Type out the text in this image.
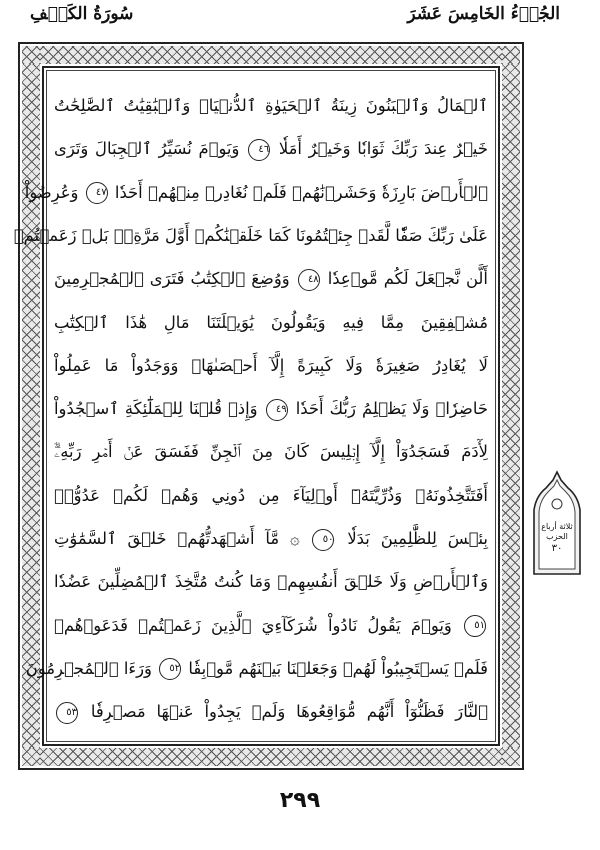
سُورَةُ الكَهۡفِ	الجُزۡءُ الخَامِسَ عَشَرَ
ٱلۡمَالُ وَٱلۡبَنُونَ زِينَةُ ٱلۡحَيَوٰةِ ٱلدُّنۡيَاۖ وَٱلۡبَٰقِيَٰتُ ٱلصَّٰلِحَٰتُ
خَيۡرٌ عِندَ رَبِّكَ ثَوَابٗا وَخَيۡرٌ أَمَلٗا ٤٦ وَيَوۡمَ نُسَيِّرُ ٱلۡجِبَالَ وَتَرَى
ٱلۡأَرۡضَ بَارِزَةٗ وَحَشَرۡنَٰهُمۡ فَلَمۡ نُغَادِرۡ مِنۡهُمۡ أَحَدٗا ٤٧ وَعُرِضُواْ
عَلَىٰ رَبِّكَ صَفّٗا لَّقَدۡ جِئۡتُمُونَا كَمَا خَلَقۡنَٰكُمۡ أَوَّلَ مَرَّةِۭۚ بَلۡ زَعَمۡتُمۡ
أَلَّن نَّجۡعَلَ لَكُم مَّوۡعِدٗا ٤٨ وَوُضِعَ ٱلۡكِتَٰبُ فَتَرَى ٱلۡمُجۡرِمِينَ
مُشۡفِقِينَ مِمَّا فِيهِ وَيَقُولُونَ يَٰوَيۡلَتَنَا مَالِ هَٰذَا ٱلۡكِتَٰبِ
لَا يُغَادِرُ صَغِيرَةٗ وَلَا كَبِيرَةً إِلَّآ أَحۡصَىٰهَاۚ وَوَجَدُواْ مَا عَمِلُواْ
حَاضِرٗاۗ وَلَا يَظۡلِمُ رَبُّكَ أَحَدٗا ٤٩ وَإِذۡ قُلۡنَا لِلۡمَلَٰٓئِكَةِ ٱسۡجُدُواْ
لِأٓدَمَ فَسَجَدُوٓاْ إِلَّآ إِبۡلِيسَ كَانَ مِنَ ٱلۡجِنِّ فَفَسَقَ عَنۡ أَمۡرِ رَبِّهِۦٓۗ
أَفَتَتَّخِذُونَهُۥ وَذُرِّيَّتَهُۥٓ أَوۡلِيَآءَ مِن دُونِي وَهُمۡ لَكُمۡ عَدُوُّۢۚ
بِئۡسَ لِلظَّٰلِمِينَ بَدَلٗا ٥٠ ۞ مَّآ أَشۡهَدتُّهُمۡ خَلۡقَ ٱلسَّمَٰوَٰتِ
وَٱلۡأَرۡضِ وَلَا خَلۡقَ أَنفُسِهِمۡ وَمَا كُنتُ مُتَّخِذَ ٱلۡمُضِلِّينَ عَضُدٗا
٥١ وَيَوۡمَ يَقُولُ نَادُواْ شُرَكَآءِيَ ٱلَّذِينَ زَعَمۡتُمۡ فَدَعَوۡهُمۡ
فَلَمۡ يَسۡتَجِيبُواْ لَهُمۡ وَجَعَلۡنَا بَيۡنَهُم مَّوۡبِقٗا ٥٢ وَرَءَا ٱلۡمُجۡرِمُونَ
ٱلنَّارَ فَظَنُّوٓاْ أَنَّهُم مُّوَاقِعُوهَا وَلَمۡ يَجِدُواْ عَنۡهَا مَصۡرِفٗا ٥٣
ثلاثة أرباع الحزب
٣٠
٢٩٩
